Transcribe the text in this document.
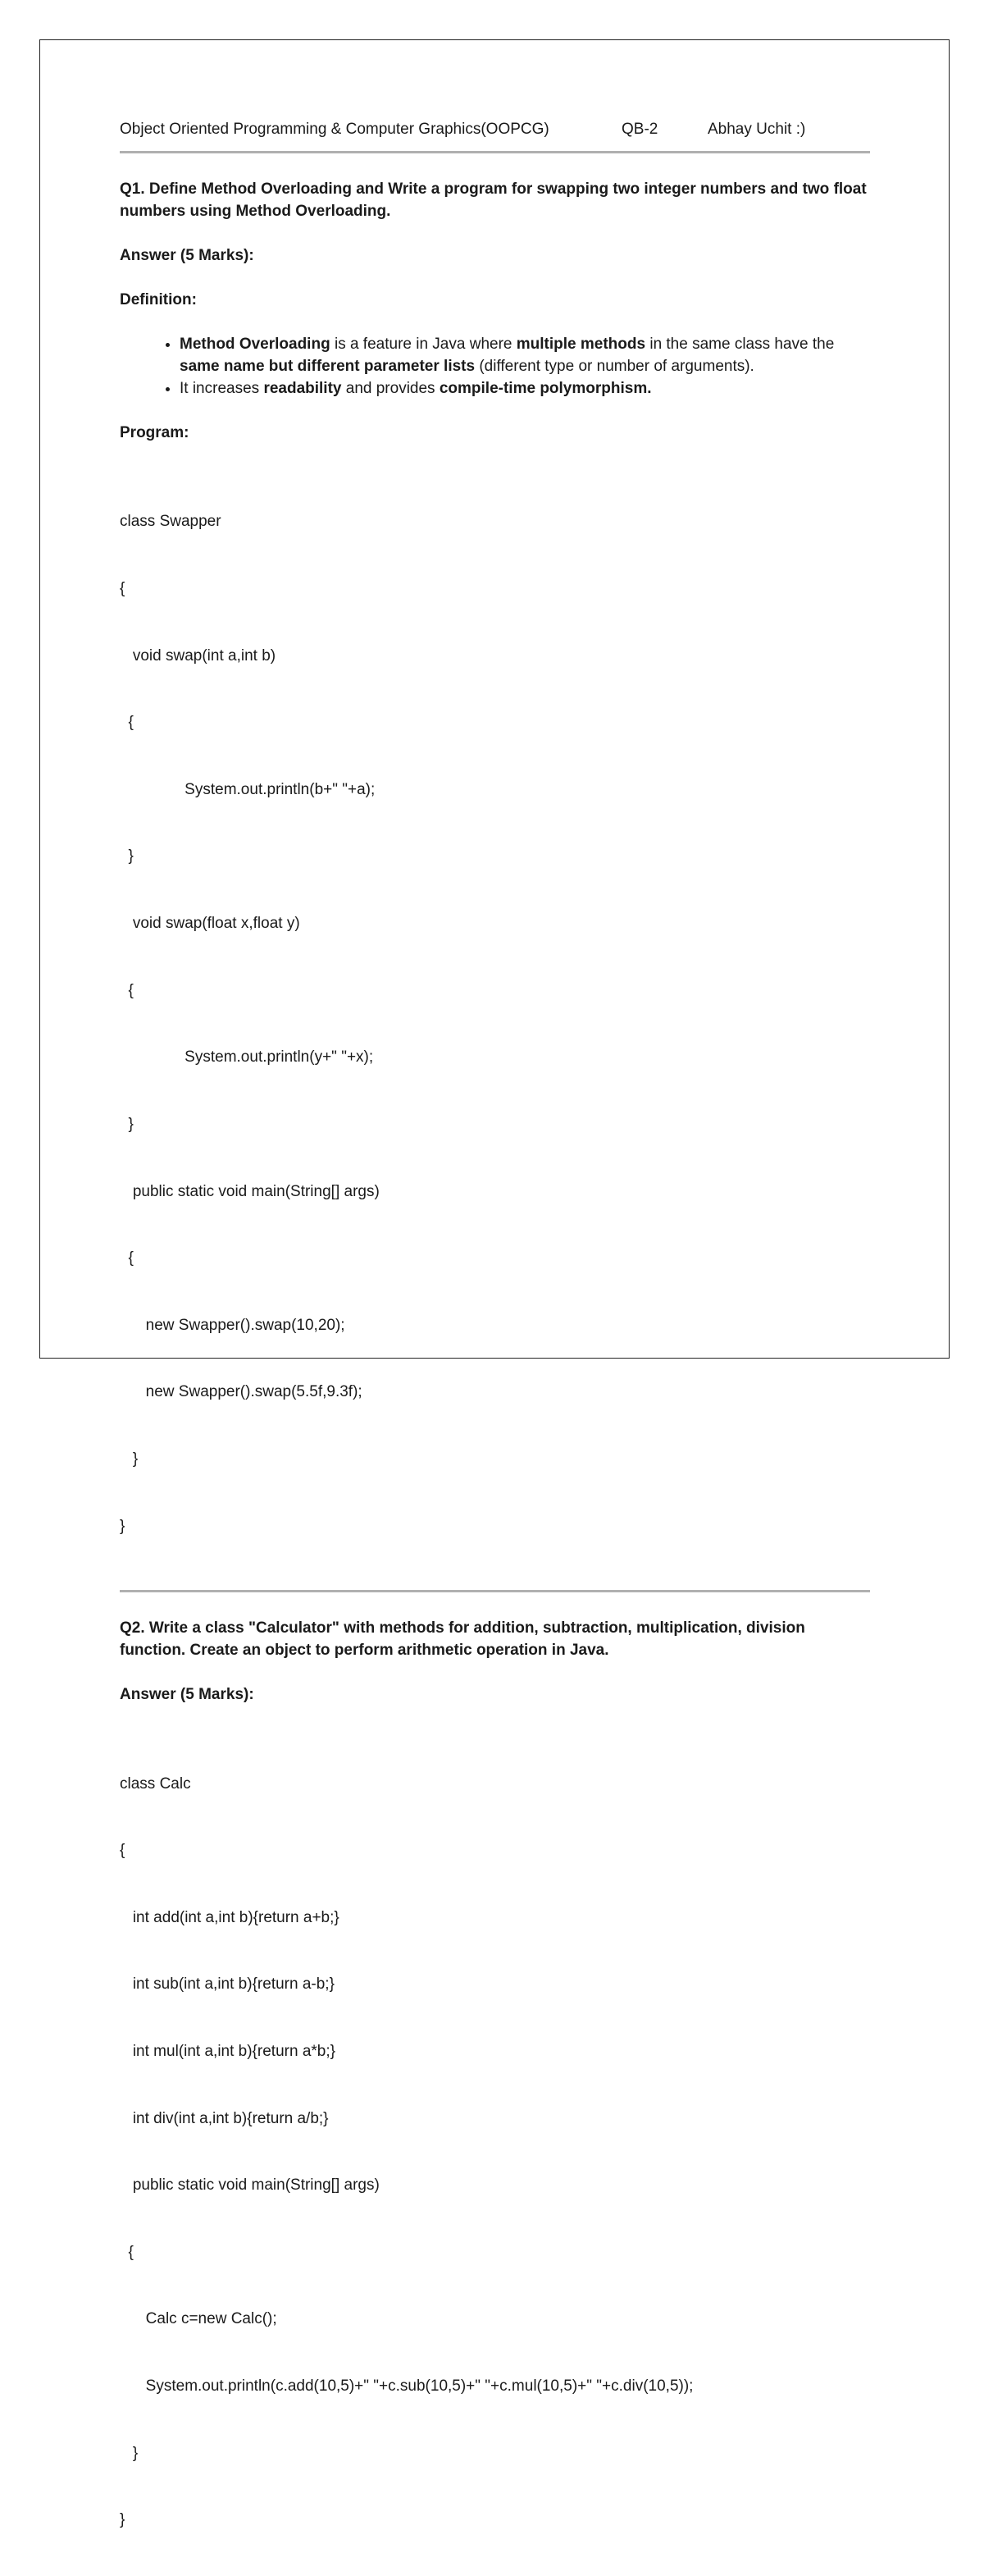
Object Oriented Programming & Computer Graphics(OOPCG)	QB-2	Abhay Uchit :)
Q1. Define Method Overloading and Write a program for swapping two integer numbers and two float numbers using Method Overloading.
Answer (5 Marks):
Definition:
• Method Overloading is a feature in Java where multiple methods in the same class have the same name but different parameter lists (different type or number of arguments).
• It increases readability and provides compile-time polymorphism.
Program:

class Swapper

{

void swap(int a,int b)

{

System.out.println(b+" "+a);

}

void swap(float x,float y)

{

System.out.println(y+" "+x);

}

public static void main(String[] args)

{

new Swapper().swap(10,20);

new Swapper().swap(5.5f,9.3f);

}

}

Q2. Write a class "Calculator" with methods for addition, subtraction, multiplication, division function. Create an object to perform arithmetic operation in Java.
Answer (5 Marks):

class Calc

{

int add(int a,int b){return a+b;}

int sub(int a,int b){return a-b;}

int mul(int a,int b){return a*b;}

int div(int a,int b){return a/b;}

public static void main(String[] args)

{

Calc c=new Calc();

System.out.println(c.add(10,5)+" "+c.sub(10,5)+" "+c.mul(10,5)+" "+c.div(10,5));

}

}
